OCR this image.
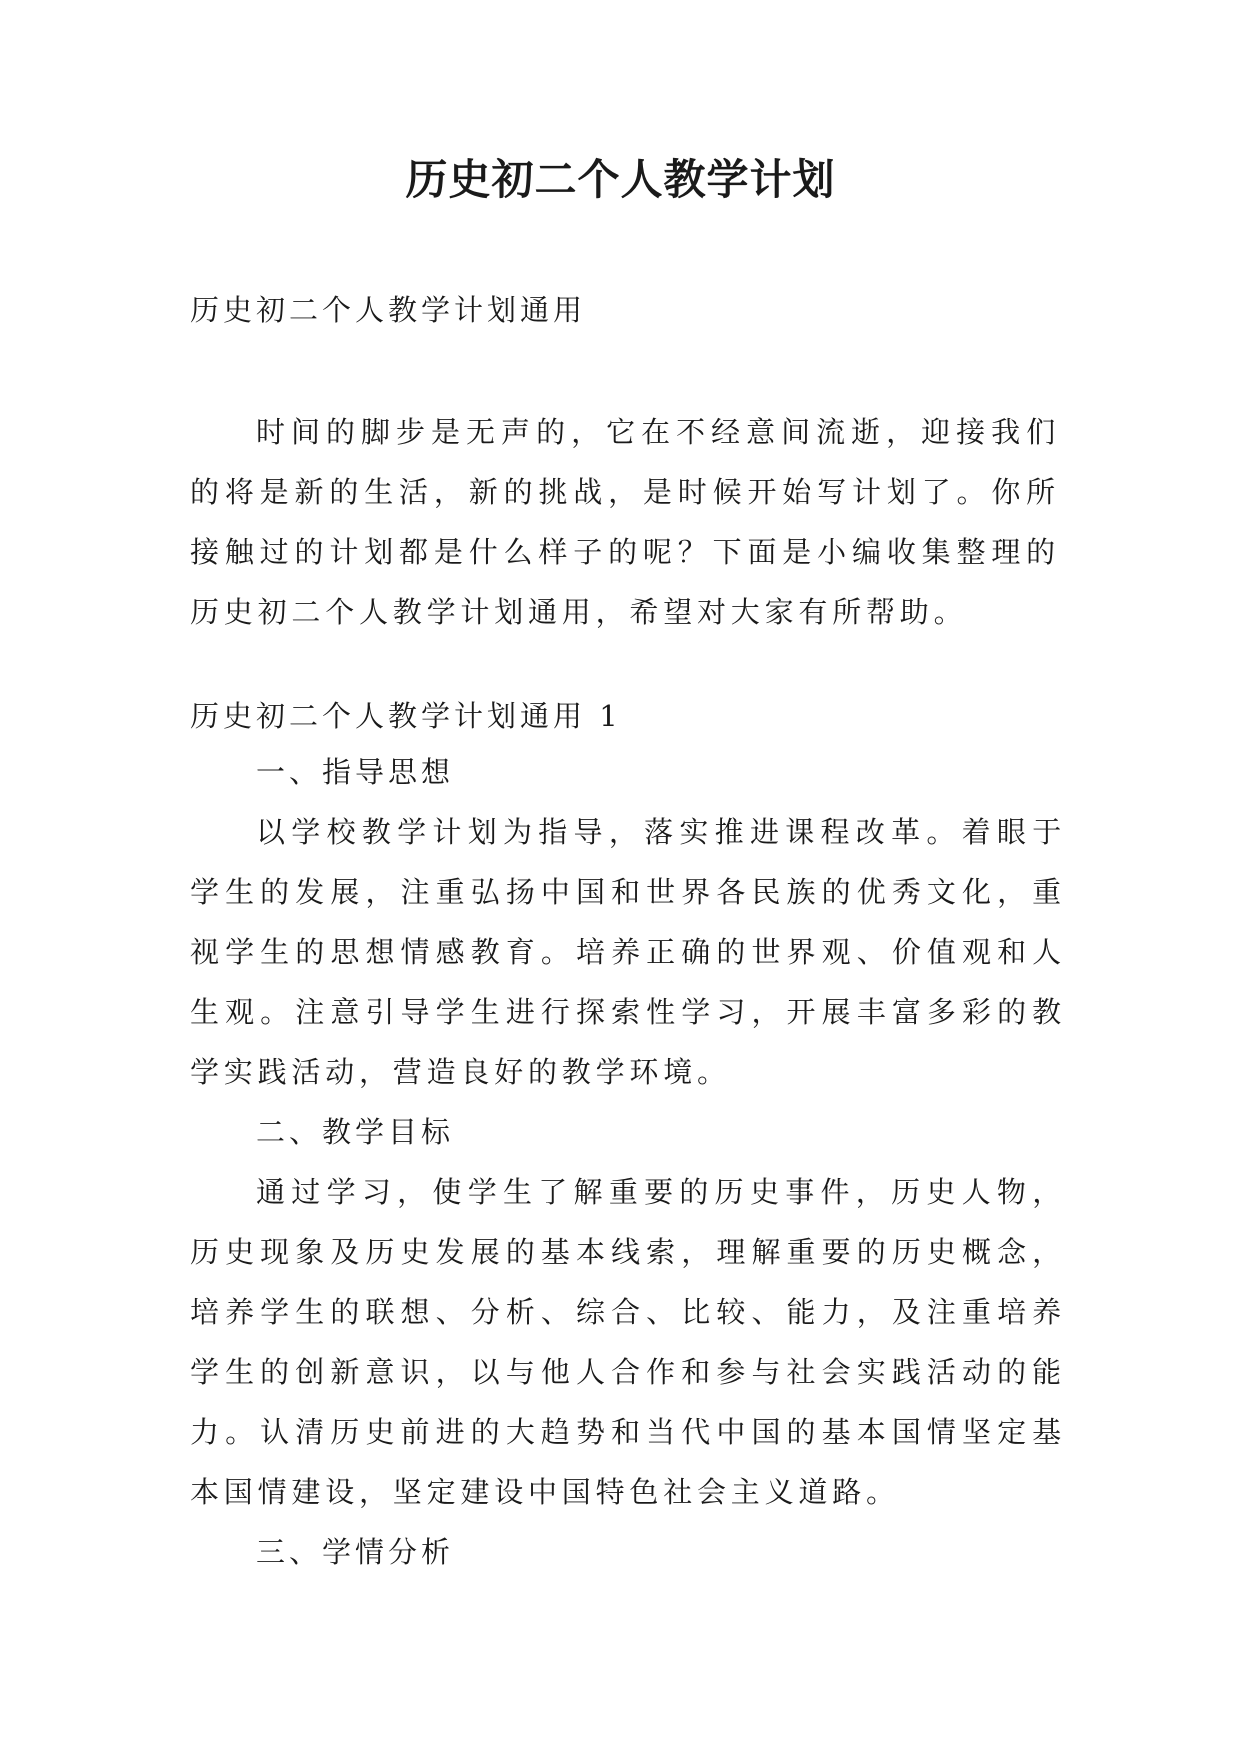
历史初二个人教学计划

历史初二个人教学计划通用

时间的脚步是无声的，它在不经意间流逝，迎接我们的将是新的生活，新的挑战，是时候开始写计划了。你所接触过的计划都是什么样子的呢？下面是小编收集整理的历史初二个人教学计划通用，希望对大家有所帮助。

历史初二个人教学计划通用 1

一、指导思想

以学校教学计划为指导，落实推进课程改革。着眼于学生的发展，注重弘扬中国和世界各民族的优秀文化，重视学生的思想情感教育。培养正确的世界观、价值观和人生观。注意引导学生进行探索性学习，开展丰富多彩的教学实践活动，营造良好的教学环境。

二、教学目标

通过学习，使学生了解重要的历史事件，历史人物，历史现象及历史发展的基本线索，理解重要的历史概念，培养学生的联想、分析、综合、比较、能力，及注重培养学生的创新意识，以与他人合作和参与社会实践活动的能力。认清历史前进的大趋势和当代中国的基本国情坚定基本国情建设，坚定建设中国特色社会主义道路。

三、学情分析
